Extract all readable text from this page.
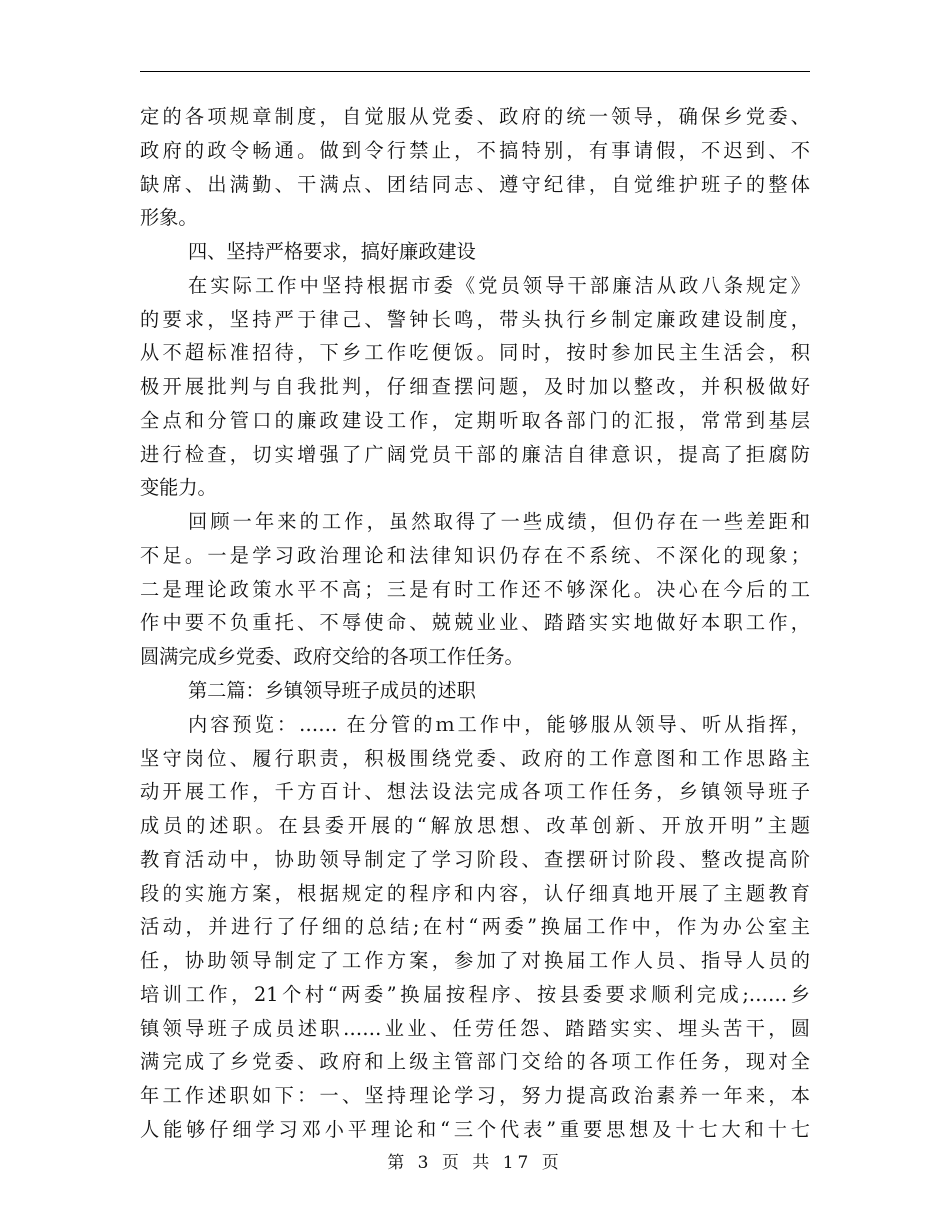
定的各项规章制度，自觉服从党委、政府的统一领导，确保乡党委、
政府的政令畅通。做到令行禁止，不搞特别，有事请假，不迟到、不
缺席、出满勤、干满点、团结同志、遵守纪律，自觉维护班子的整体
形象。
四、坚持严格要求，搞好廉政建设
在实际工作中坚持根据市委《党员领导干部廉洁从政八条规定》
的要求，坚持严于律己、警钟长鸣，带头执行乡制定廉政建设制度，
从不超标准招待，下乡工作吃便饭。同时，按时参加民主生活会，积
极开展批判与自我批判，仔细查摆问题，及时加以整改，并积极做好
全点和分管口的廉政建设工作，定期听取各部门的汇报，常常到基层
进行检查，切实增强了广阔党员干部的廉洁自律意识，提高了拒腐防
变能力。
回顾一年来的工作，虽然取得了一些成绩，但仍存在一些差距和
不足。一是学习政治理论和法律知识仍存在不系统、不深化的现象；
二是理论政策水平不高；三是有时工作还不够深化。决心在今后的工
作中要不负重托、不辱使命、兢兢业业、踏踏实实地做好本职工作，
圆满完成乡党委、政府交给的各项工作任务。
第二篇：乡镇领导班子成员的述职
内容预览：…… 在分管的ｍ工作中，能够服从领导、听从指挥，
坚守岗位、履行职责，积极围绕党委、政府的工作意图和工作思路主
动开展工作，千方百计、想法设法完成各项工作任务，乡镇领导班子
成员的述职。在县委开展的“解放思想、改革创新、开放开明”主题
教育活动中，协助领导制定了学习阶段、查摆研讨阶段、整改提高阶
段的实施方案，根据规定的程序和内容，认仔细真地开展了主题教育
活动，并进行了仔细的总结;在村“两委”换届工作中，作为办公室主
任，协助领导制定了工作方案，参加了对换届工作人员、指导人员的
培训工作，21个村“两委”换届按程序、按县委要求顺利完成;……乡
镇领导班子成员述职……业业、任劳任怨、踏踏实实、埋头苦干，圆
满完成了乡党委、政府和上级主管部门交给的各项工作任务，现对全
年工作述职如下：一、坚持理论学习，努力提高政治素养一年来，本
人能够仔细学习邓小平理论和“三个代表”重要思想及十七大和十七
第 3 页 共 17 页
